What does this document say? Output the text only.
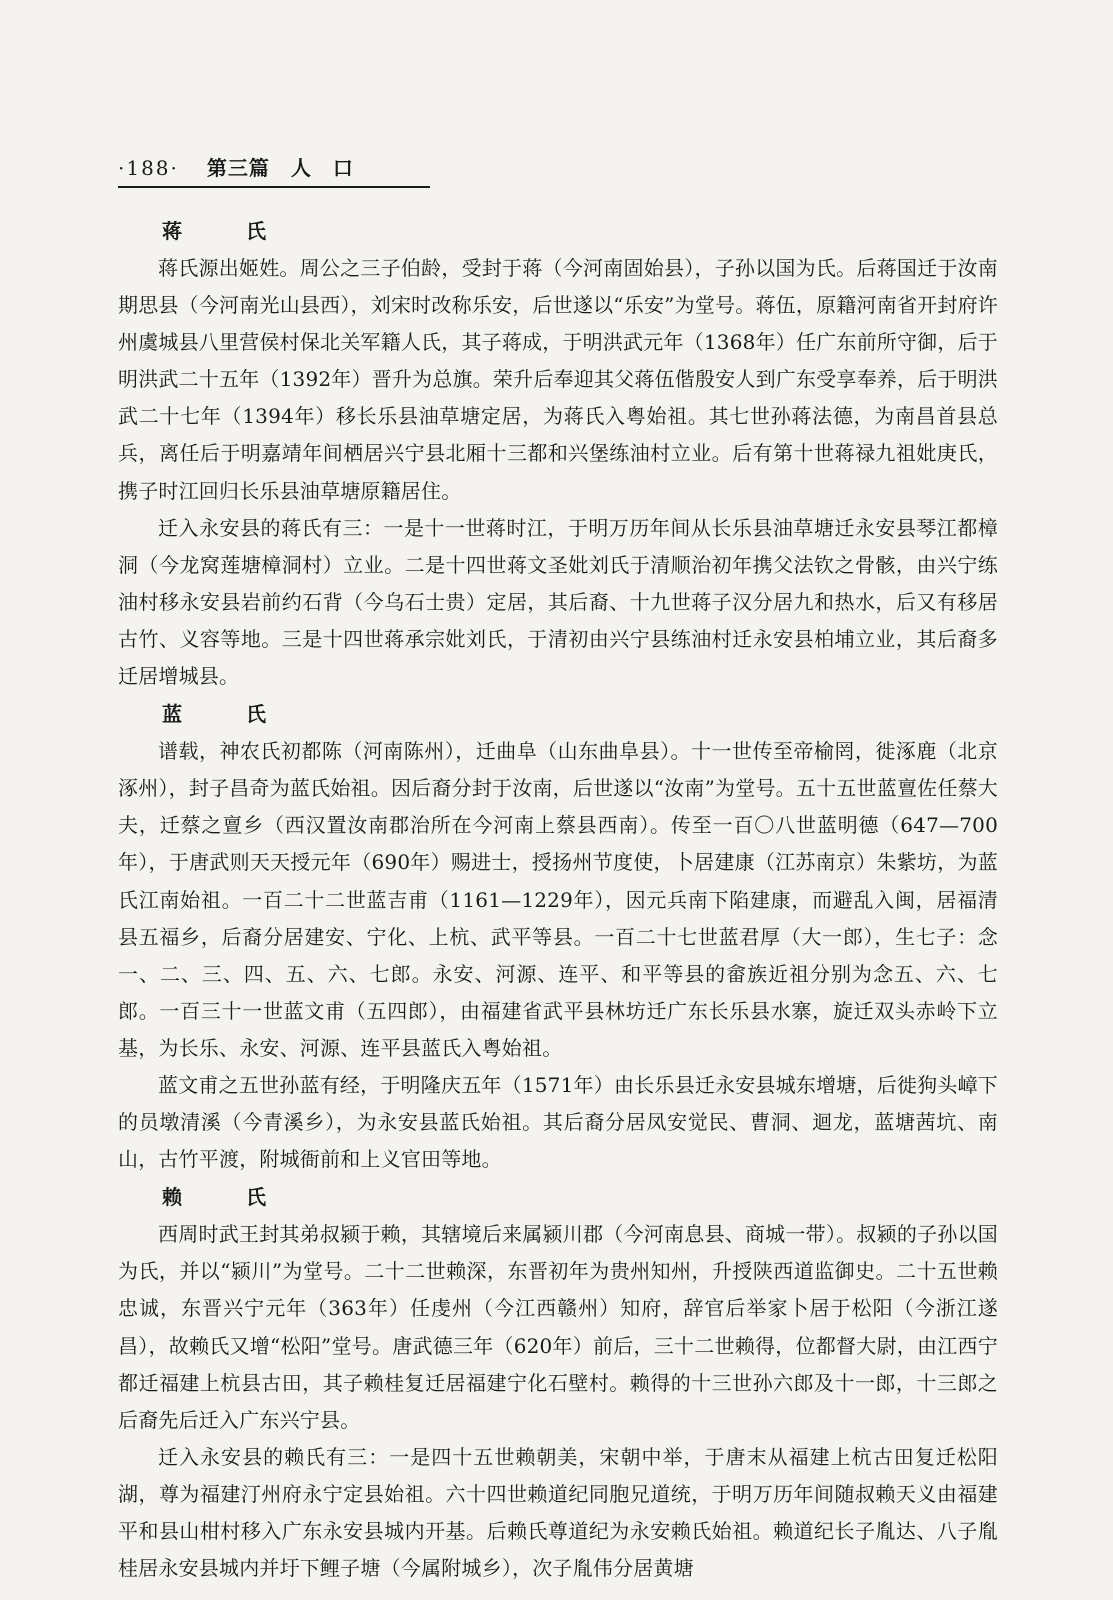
·188· 第三篇　人　口
蒋　氏

蒋氏源出姬姓。周公之三子伯龄，受封于蒋（今河南固始县），子孙以国为氏。后蒋国迁于汝南期思县（今河南光山县西），刘宋时改称乐安，后世遂以“乐安”为堂号。蒋伍，原籍河南省开封府许州虞城县八里营侯村保北关军籍人氏，其子蒋成，于明洪武元年（1368年）任广东前所守御，后于明洪武二十五年（1392年）晋升为总旗。荣升后奉迎其父蒋伍偕殷安人到广东受享奉养，后于明洪武二十七年（1394年）移长乐县油草塘定居，为蒋氏入粤始祖。其七世孙蒋法德，为南昌首县总兵，离任后于明嘉靖年间栖居兴宁县北厢十三都和兴堡练油村立业。后有第十世蒋禄九祖妣庚氏，携子时江回归长乐县油草塘原籍居住。

迁入永安县的蒋氏有三：一是十一世蒋时江，于明万历年间从长乐县油草塘迁永安县琴江都樟洞（今龙窝莲塘樟洞村）立业。二是十四世蒋文圣妣刘氏于清顺治初年携父法钦之骨骸，由兴宁练油村移永安县岩前约石背（今乌石士贵）定居，其后裔、十九世蒋子汉分居九和热水，后又有移居古竹、义容等地。三是十四世蒋承宗妣刘氏，于清初由兴宁县练油村迁永安县柏埔立业，其后裔多迁居增城县。

蓝　氏

谱载，神农氏初都陈（河南陈州），迁曲阜（山东曲阜县）。十一世传至帝榆罔，徙涿鹿（北京涿州），封子昌奇为蓝氏始祖。因后裔分封于汝南，后世遂以“汝南”为堂号。五十五世蓝亶佐任蔡大夫，迁蔡之亶乡（西汉置汝南郡治所在今河南上蔡县西南）。传至一百〇八世蓝明德（647—700年），于唐武则天天授元年（690年）赐进士，授扬州节度使，卜居建康（江苏南京）朱紫坊，为蓝氏江南始祖。一百二十二世蓝吉甫（1161—1229年），因元兵南下陷建康，而避乱入闽，居福清县五福乡，后裔分居建安、宁化、上杭、武平等县。一百二十七世蓝君厚（大一郎），生七子：念一、二、三、四、五、六、七郎。永安、河源、连平、和平等县的畲族近祖分别为念五、六、七郎。一百三十一世蓝文甫（五四郎），由福建省武平县林坊迁广东长乐县水寨，旋迁双头赤岭下立基，为长乐、永安、河源、连平县蓝氏入粤始祖。

蓝文甫之五世孙蓝有经，于明隆庆五年（1571年）由长乐县迁永安县城东增塘，后徙狗头嶂下的员墩清溪（今青溪乡），为永安县蓝氏始祖。其后裔分居凤安觉民、曹洞、迴龙，蓝塘茜坑、南山，古竹平渡，附城衙前和上义官田等地。

赖　氏

西周时武王封其弟叔颍于赖，其辖境后来属颍川郡（今河南息县、商城一带）。叔颍的子孙以国为氏，并以“颍川”为堂号。二十二世赖深，东晋初年为贵州知州，升授陕西道监御史。二十五世赖忠诚，东晋兴宁元年（363年）任虔州（今江西赣州）知府，辞官后举家卜居于松阳（今浙江遂昌），故赖氏又增“松阳”堂号。唐武德三年（620年）前后，三十二世赖得，位都督大尉，由江西宁都迁福建上杭县古田，其子赖桂复迁居福建宁化石壁村。赖得的十三世孙六郎及十一郎，十三郎之后裔先后迁入广东兴宁县。

迁入永安县的赖氏有三：一是四十五世赖朝美，宋朝中举，于唐末从福建上杭古田复迁松阳湖，尊为福建汀州府永宁定县始祖。六十四世赖道纪同胞兄道统，于明万历年间随叔赖天义由福建平和县山柑村移入广东永安县城内开基。后赖氏尊道纪为永安赖氏始祖。赖道纪长子胤达、八子胤桂居永安县城内并圩下鲤子塘（今属附城乡），次子胤伟分居黄塘
